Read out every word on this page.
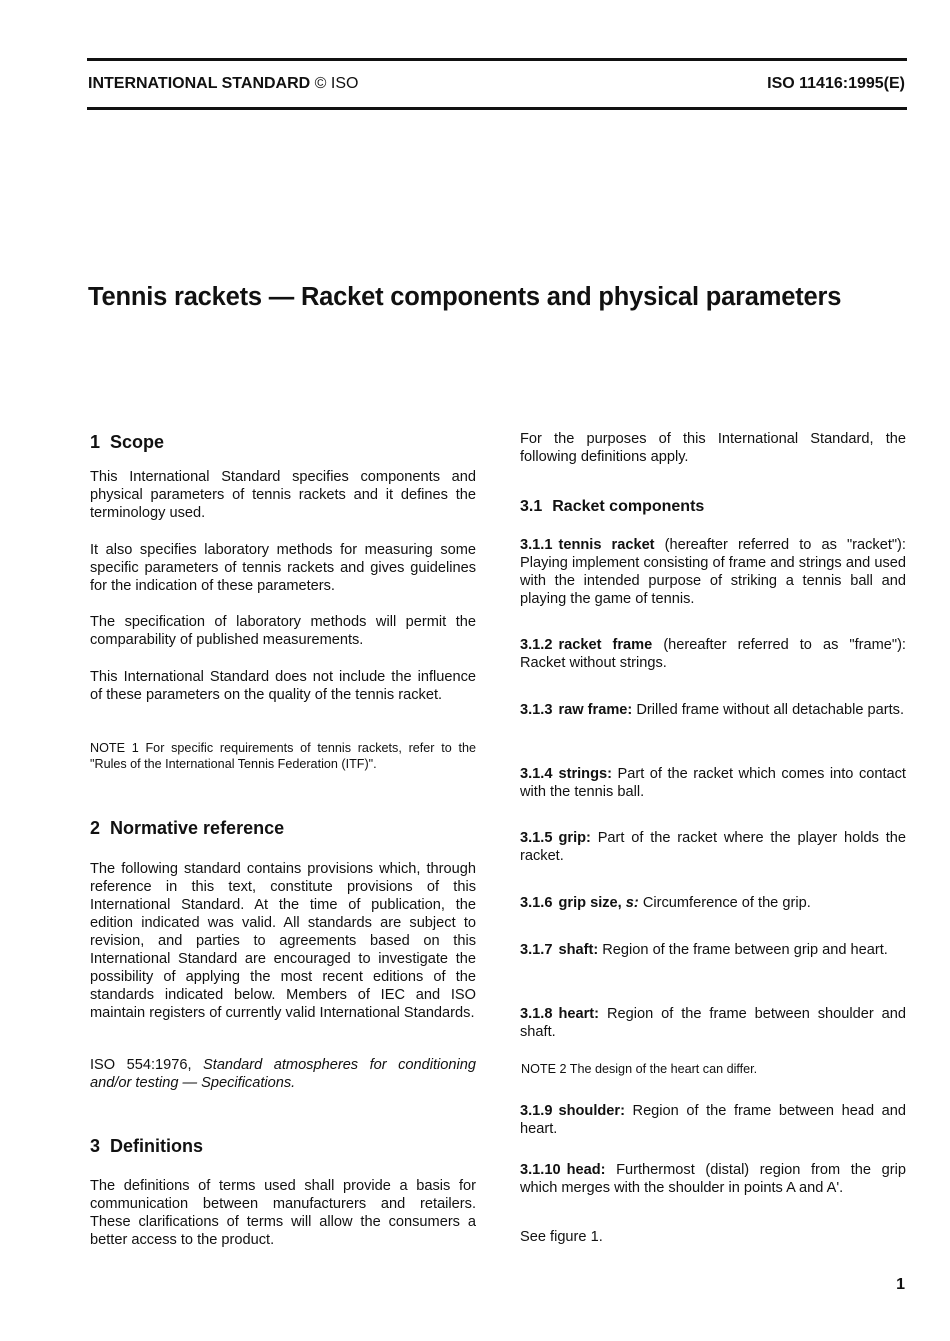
INTERNATIONAL STANDARD © ISO	ISO 11416:1995(E)
Tennis rackets — Racket components and physical parameters
1 Scope

This International Standard specifies components and physical parameters of tennis rackets and it defines the terminology used.

It also specifies laboratory methods for measuring some specific parameters of tennis rackets and gives guidelines for the indication of these parameters.

The specification of laboratory methods will permit the comparability of published measurements.

This International Standard does not include the influence of these parameters on the quality of the tennis racket.

NOTE 1 For specific requirements of tennis rackets, refer to the "Rules of the International Tennis Federation (ITF)".

2 Normative reference

The following standard contains provisions which, through reference in this text, constitute provisions of this International Standard. At the time of publication, the edition indicated was valid. All standards are subject to revision, and parties to agreements based on this International Standard are encouraged to investigate the possibility of applying the most recent editions of the standards indicated below. Members of IEC and ISO maintain registers of currently valid International Standards.

ISO 554:1976, Standard atmospheres for conditioning and/or testing — Specifications.

3 Definitions

The definitions of terms used shall provide a basis for communication between manufacturers and retailers. These clarifications of terms will allow the consumers a better access to the product.

For the purposes of this International Standard, the following definitions apply.

3.1 Racket components

3.1.1 tennis racket (hereafter referred to as "racket"): Playing implement consisting of frame and strings and used with the intended purpose of striking a tennis ball and playing the game of tennis.

3.1.2 racket frame (hereafter referred to as "frame"): Racket without strings.

3.1.3 raw frame: Drilled frame without all detachable parts.

3.1.4 strings: Part of the racket which comes into contact with the tennis ball.

3.1.5 grip: Part of the racket where the player holds the racket.

3.1.6 grip size, s: Circumference of the grip.

3.1.7 shaft: Region of the frame between grip and heart.

3.1.8 heart: Region of the frame between shoulder and shaft.

NOTE 2 The design of the heart can differ.

3.1.9 shoulder: Region of the frame between head and heart.

3.1.10 head: Furthermost (distal) region from the grip which merges with the shoulder in points A and A'.

See figure 1.

1
